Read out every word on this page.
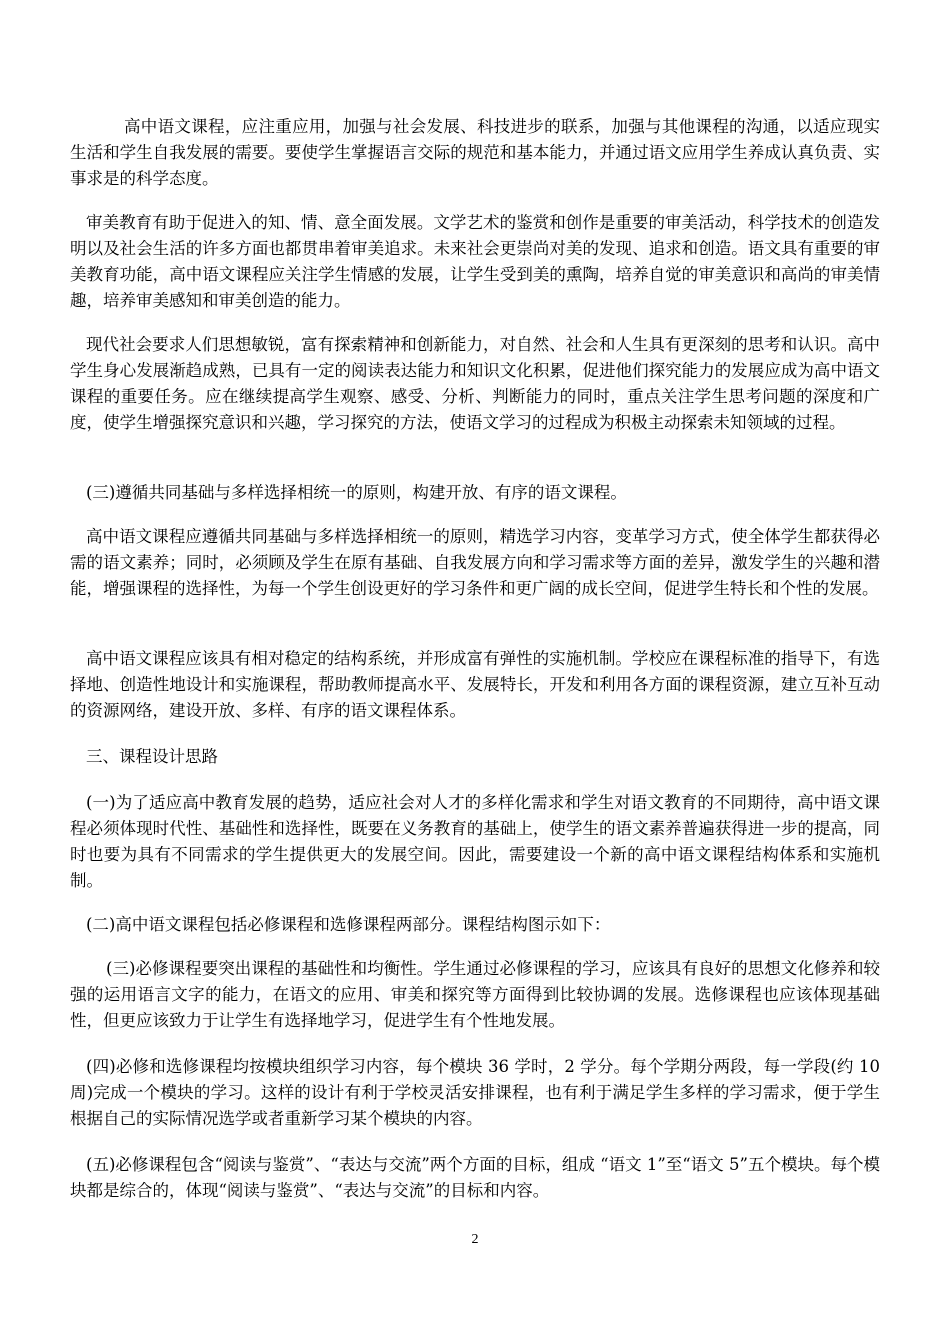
高中语文课程，应注重应用，加强与社会发展、科技进步的联系，加强与其他课程的沟通，以适应现实生活和学生自我发展的需要。要使学生掌握语言交际的规范和基本能力，并通过语文应用学生养成认真负责、实事求是的科学态度。

审美教育有助于促进入的知、情、意全面发展。文学艺术的鉴赏和创作是重要的审美活动，科学技术的创造发明以及社会生活的许多方面也都贯串着审美追求。未来社会更崇尚对美的发现、追求和创造。语文具有重要的审美教育功能，高中语文课程应关注学生情感的发展，让学生受到美的熏陶，培养自觉的审美意识和高尚的审美情趣，培养审美感知和审美创造的能力。

现代社会要求人们思想敏锐，富有探索精神和创新能力，对自然、社会和人生具有更深刻的思考和认识。高中学生身心发展渐趋成熟，已具有一定的阅读表达能力和知识文化积累，促进他们探究能力的发展应成为高中语文课程的重要任务。应在继续提高学生观察、感受、分析、判断能力的同时，重点关注学生思考问题的深度和广度，使学生增强探究意识和兴趣，学习探究的方法，使语文学习的过程成为积极主动探索未知领域的过程。

(三)遵循共同基础与多样选择相统一的原则，构建开放、有序的语文课程。

高中语文课程应遵循共同基础与多样选择相统一的原则，精选学习内容，变革学习方式，使全体学生都获得必需的语文素养；同时，必须顾及学生在原有基础、自我发展方向和学习需求等方面的差异，激发学生的兴趣和潜能，增强课程的选择性，为每一个学生创设更好的学习条件和更广阔的成长空间，促进学生特长和个性的发展。

高中语文课程应该具有相对稳定的结构系统，并形成富有弹性的实施机制。学校应在课程标准的指导下，有选择地、创造性地设计和实施课程，帮助教师提高水平、发展特长，开发和利用各方面的课程资源，建立互补互动的资源网络，建设开放、多样、有序的语文课程体系。

三、课程设计思路

(一)为了适应高中教育发展的趋势，适应社会对人才的多样化需求和学生对语文教育的不同期待，高中语文课程必须体现时代性、基础性和选择性，既要在义务教育的基础上，使学生的语文素养普遍获得进一步的提高，同时也要为具有不同需求的学生提供更大的发展空间。因此，需要建设一个新的高中语文课程结构体系和实施机制。

(二)高中语文课程包括必修课程和选修课程两部分。课程结构图示如下：

(三)必修课程要突出课程的基础性和均衡性。学生通过必修课程的学习，应该具有良好的思想文化修养和较强的运用语言文字的能力，在语文的应用、审美和探究等方面得到比较协调的发展。选修课程也应该体现基础性，但更应该致力于让学生有选择地学习，促进学生有个性地发展。

(四)必修和选修课程均按模块组织学习内容，每个模块 36 学时，2 学分。每个学期分两段，每一学段(约 10 周)完成一个模块的学习。这样的设计有利于学校灵活安排课程，也有利于满足学生多样的学习需求，便于学生根据自己的实际情况选学或者重新学习某个模块的内容。

(五)必修课程包含“阅读与鉴赏”、“表达与交流”两个方面的目标，组成 “语文 1”至“语文 5”五个模块。每个模块都是综合的，体现“阅读与鉴赏”、“表达与交流”的目标和内容。

2
